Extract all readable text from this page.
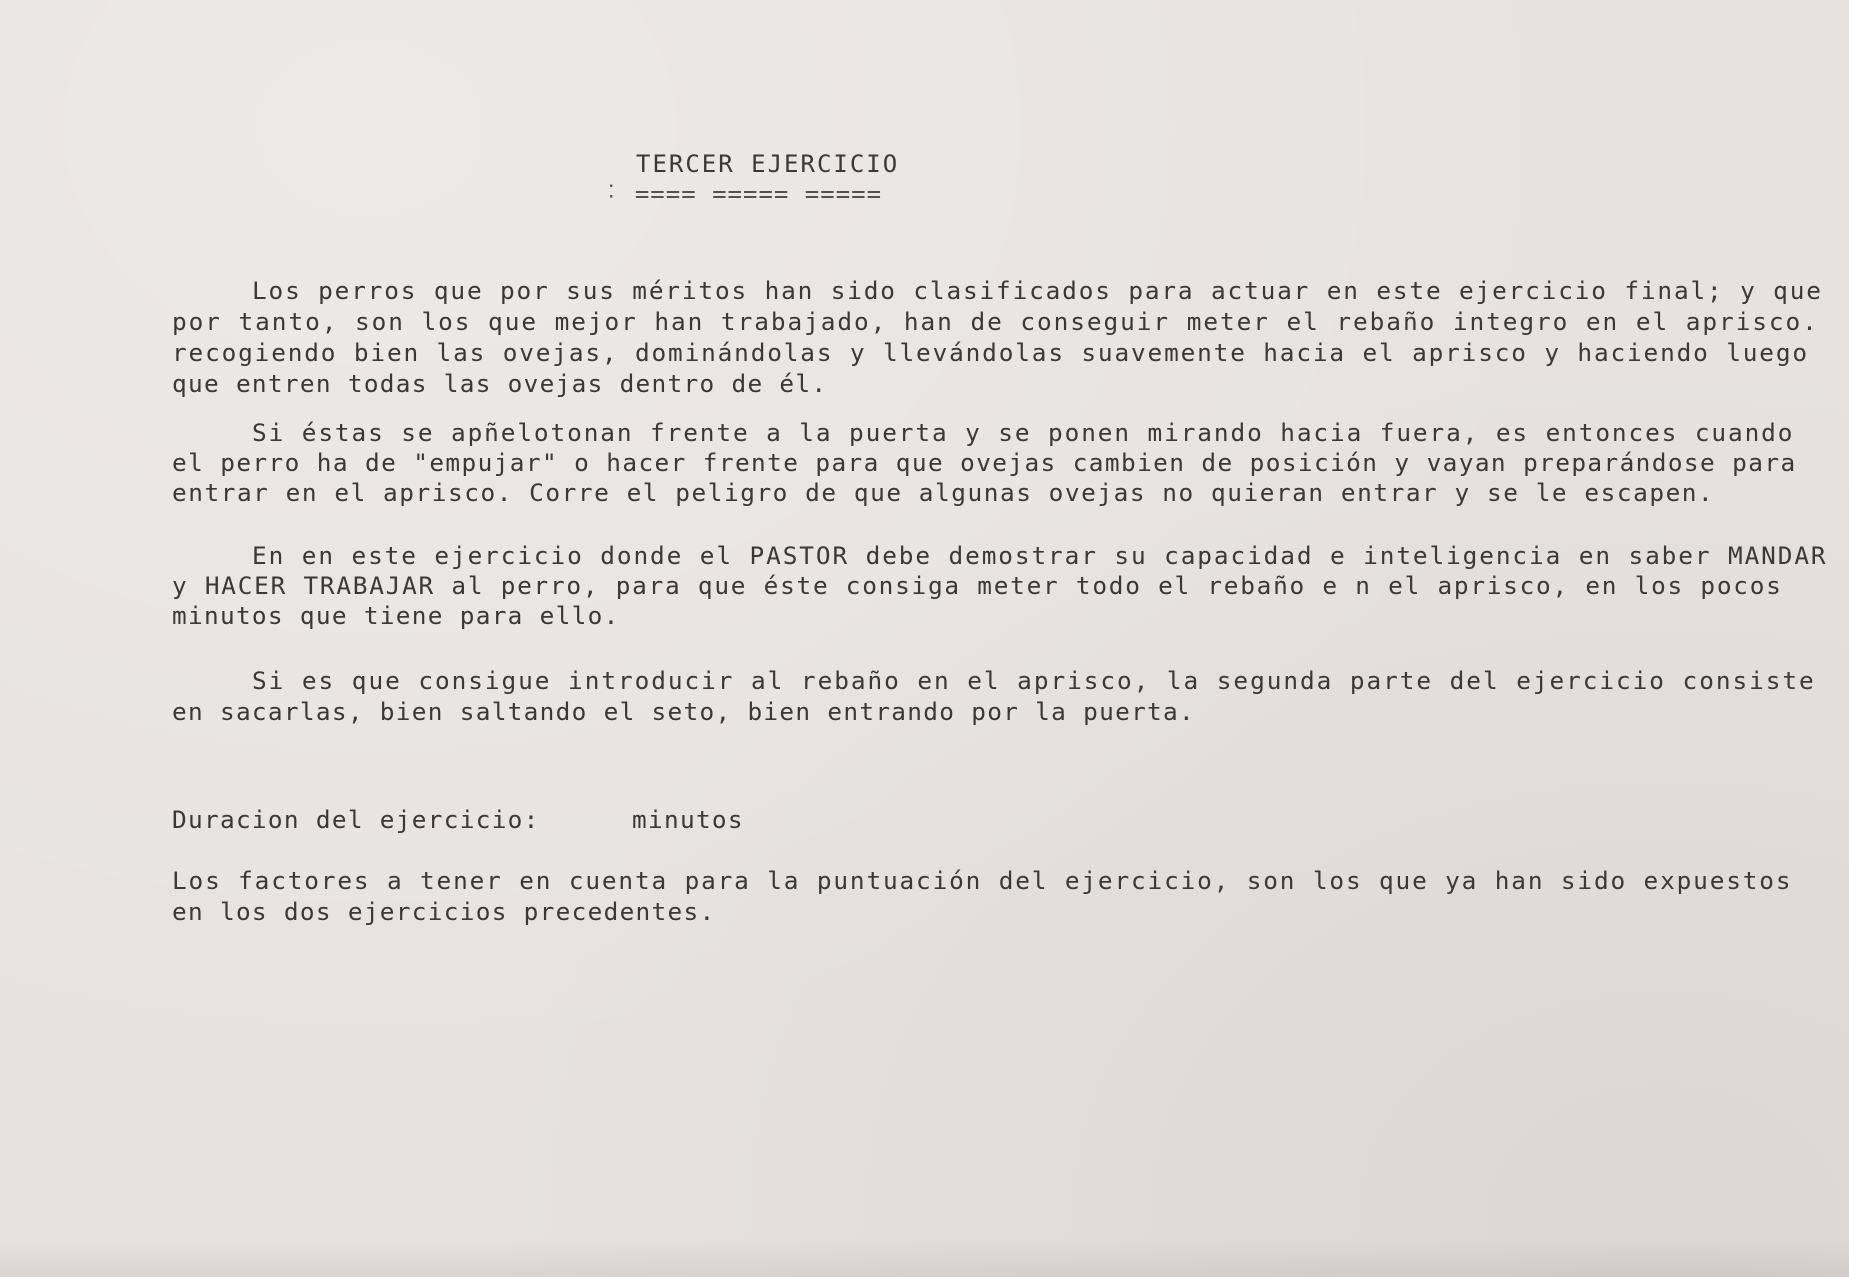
TERCER EJERCICIO
˸ ==== ===== =====
Los perros que por sus méritos han sido clasificados para actuar en este ejercicio final; y que
por tanto, son los que mejor han trabajado, han de conseguir meter el rebaño integro en el aprisco.
recogiendo bien las ovejas, dominándolas y llevándolas suavemente hacia el aprisco y haciendo luego
que entren todas las ovejas dentro de él.
Si éstas se apñelotonan frente a la puerta y se ponen mirando hacia fuera, es entonces cuando
el perro ha de "empujar" o hacer frente para que ovejas cambien de posición y vayan preparándose para
entrar en el aprisco. Corre el peligro de que algunas ovejas no quieran entrar y se le escapen.
En en este ejercicio donde el PASTOR debe demostrar su capacidad e inteligencia en saber MANDAR
y HACER TRABAJAR al perro, para que éste consiga meter todo el rebaño e n el aprisco, en los pocos
minutos que tiene para ello.
Si es que consigue introducir al rebaño en el aprisco, la segunda parte del ejercicio consiste
en sacarlas, bien saltando el seto, bien entrando por la puerta.
Duracion del ejercicio:	minutos
Los factores a tener en cuenta para la puntuación del ejercicio, son los que ya han sido expuestos
en los dos ejercicios precedentes.
